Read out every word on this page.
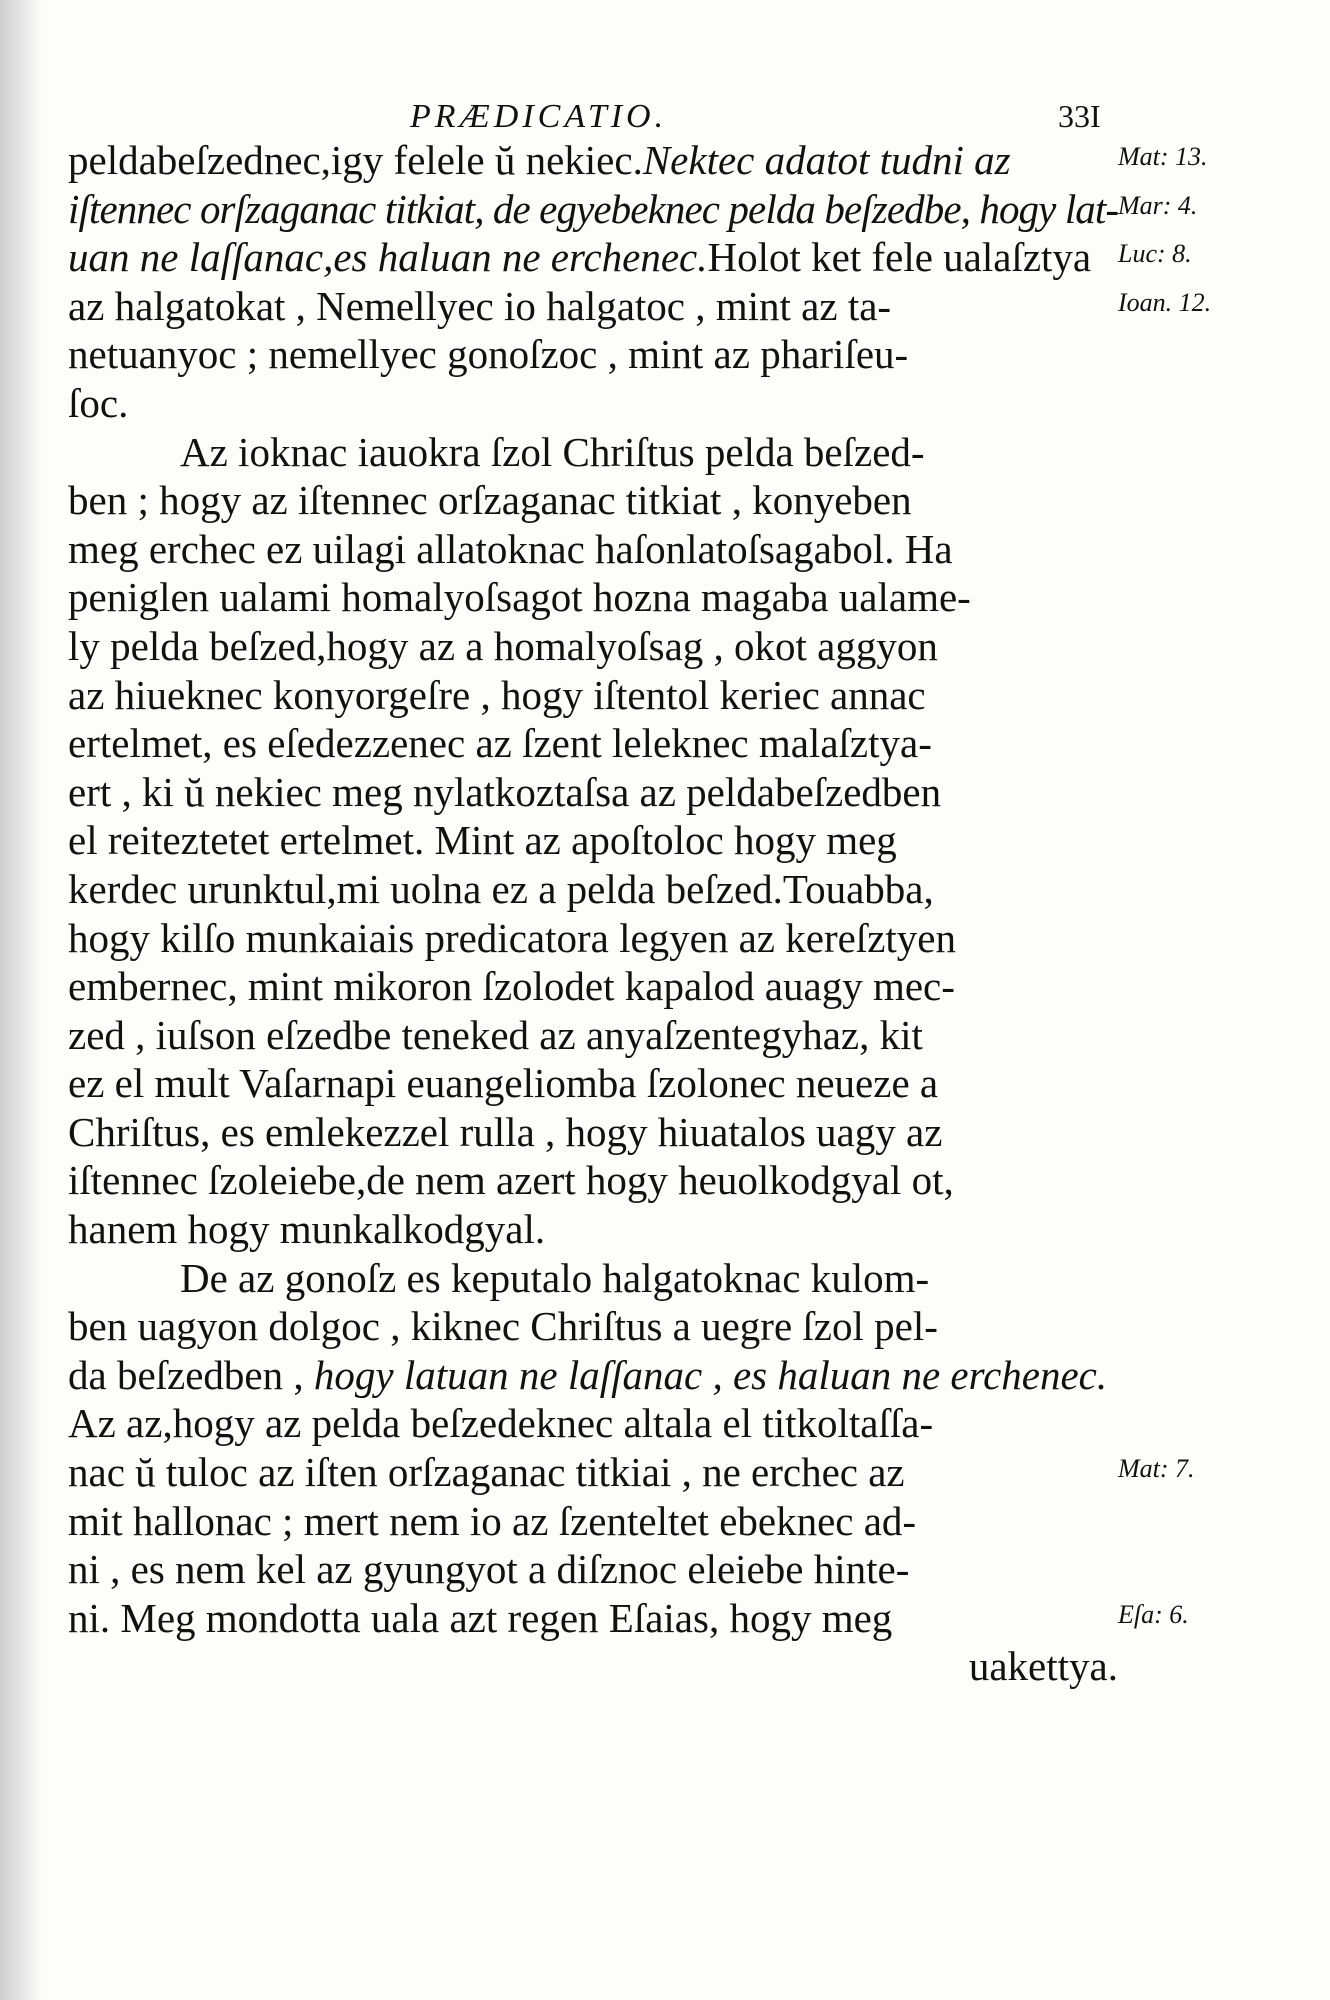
PRÆDICATIO.	33I
peldabeſzednec,igy felele ŭ nekiec.Nektec adatot tudni az
iſtennec orſzaganac titkiat, de egyebeknec pelda beſzedbe, hogy lat-
uan ne laſſanac,es haluan ne erchenec.Holot ket fele ualaſztya
az halgatokat , Nemellyec io halgatoc , mint az ta-
netuanyoc ; nemellyec gonoſzoc , mint az phariſeu-
ſoc.
Az ioknac iauokra ſzol Chriſtus pelda beſzed-
ben ; hogy az iſtennec orſzaganac titkiat , konyeben
meg erchec ez uilagi allatoknac haſonlatoſsagabol. Ha
peniglen ualami homalyoſsagot hozna magaba ualame-
ly pelda beſzed,hogy az a homalyoſsag , okot aggyon
az hiueknec konyorgeſre , hogy iſtentol keriec annac
ertelmet, es eſedezzenec az ſzent leleknec malaſztya-
ert , ki ŭ nekiec meg nylatkoztaſsa az peldabeſzedben
el reiteztetet ertelmet. Mint az apoſtoloc hogy meg
kerdec urunktul,mi uolna ez a pelda beſzed.Touabba,
hogy kilſo munkaiais predicatora legyen az kereſztyen
embernec, mint mikoron ſzolodet kapalod auagy mec-
zed , iuſson eſzedbe teneked az anyaſzentegyhaz, kit
ez el mult Vaſarnapi euangeliomba ſzolonec neueze a
Chriſtus, es emlekezzel rulla , hogy hiuatalos uagy az
iſtennec ſzoleiebe,de nem azert hogy heuolkodgyal ot,
hanem hogy munkalkodgyal.
De az gonoſz es keputalo halgatoknac kulom-
ben uagyon dolgoc , kiknec Chriſtus a uegre ſzol pel-
da beſzedben , hogy latuan ne laſſanac , es haluan ne erchenec.
Az az,hogy az pelda beſzedeknec altala el titkoltaſſa-
nac ŭ tuloc az iſten orſzaganac titkiai , ne erchec az
mit hallonac ; mert nem io az ſzenteltet ebeknec ad-
ni , es nem kel az gyungyot a diſznoc eleiebe hinte-
ni. Meg mondotta uala azt regen Eſaias, hogy meg
uakettya.
Mat: 13.
Mar: 4.
Luc: 8.
Ioan. 12.
Mat: 7.
Eſa: 6.
